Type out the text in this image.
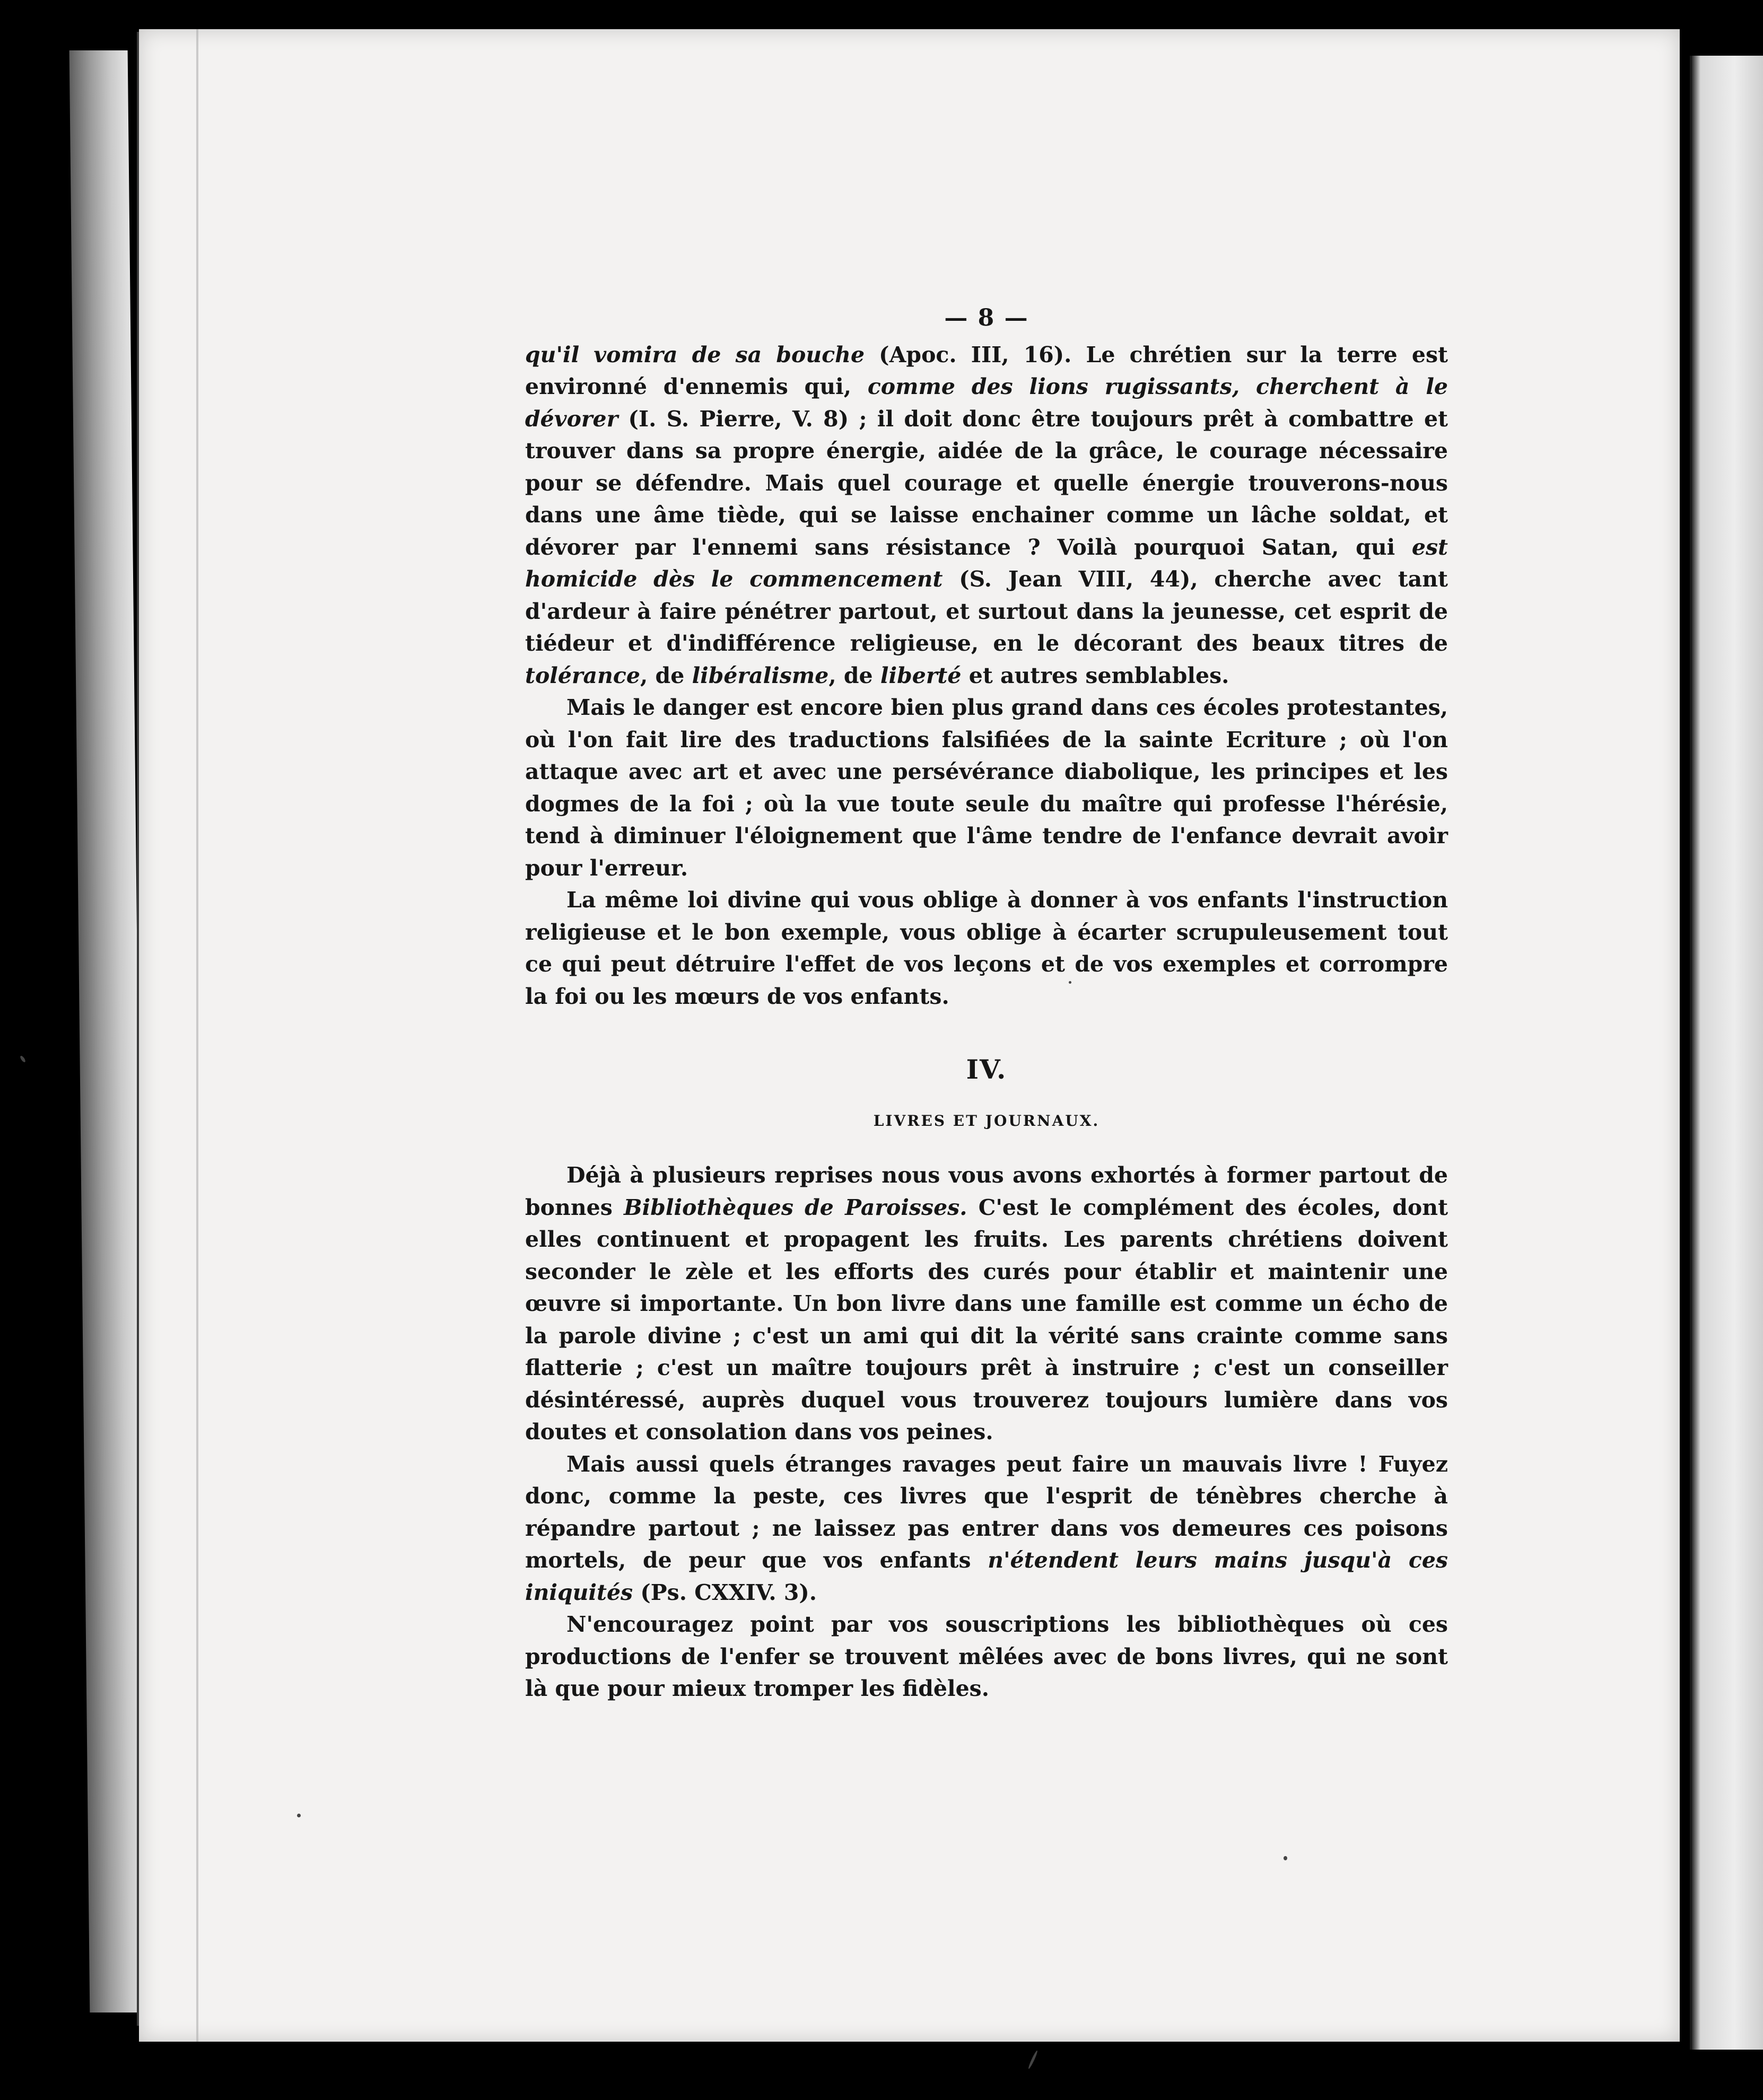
— 8 —

qu'il vomira de sa bouche (Apoc. III, 16). Le chrétien sur la terre est environné d'ennemis qui, comme des lions rugissants, cherchent à le dévorer (I. S. Pierre, V. 8) ; il doit donc être toujours prêt à combattre et trouver dans sa propre énergie, aidée de la grâce, le courage nécessaire pour se défendre. Mais quel courage et quelle énergie trouverons-nous dans une âme tiède, qui se laisse enchainer comme un lâche soldat, et dévorer par l'ennemi sans résistance ? Voilà pourquoi Satan, qui est homicide dès le commencement (S. Jean VIII, 44), cherche avec tant d'ardeur à faire pénétrer partout, et surtout dans la jeunesse, cet esprit de tiédeur et d'indifférence religieuse, en le décorant des beaux titres de tolérance, de libéralisme, de liberté et autres semblables.

Mais le danger est encore bien plus grand dans ces écoles protestantes, où l'on fait lire des traductions falsifiées de la sainte Ecriture ; où l'on attaque avec art et avec une persévérance diabolique, les principes et les dogmes de la foi ; où la vue toute seule du maître qui professe l'hérésie, tend à diminuer l'éloignement que l'âme tendre de l'enfance devrait avoir pour l'erreur.

La même loi divine qui vous oblige à donner à vos enfants l'instruction religieuse et le bon exemple, vous oblige à écarter scrupuleusement tout ce qui peut détruire l'effet de vos leçons et de vos exemples et corrompre la foi ou les mœurs de vos enfants.

IV.
LIVRES ET JOURNAUX.

Déjà à plusieurs reprises nous vous avons exhortés à former partout de bonnes Bibliothèques de Paroisses. C'est le complément des écoles, dont elles continuent et propagent les fruits. Les parents chrétiens doivent seconder le zèle et les efforts des curés pour établir et maintenir une œuvre si importante. Un bon livre dans une famille est comme un écho de la parole divine ; c'est un ami qui dit la vérité sans crainte comme sans flatterie ; c'est un maître toujours prêt à instruire ; c'est un conseiller désintéressé, auprès duquel vous trouverez toujours lumière dans vos doutes et consolation dans vos peines.

Mais aussi quels étranges ravages peut faire un mauvais livre ! Fuyez donc, comme la peste, ces livres que l'esprit de ténèbres cherche à répandre partout ; ne laissez pas entrer dans vos demeures ces poisons mortels, de peur que vos enfants n'étendent leurs mains jusqu'à ces iniquités (Ps. CXXIV. 3).

N'encouragez point par vos souscriptions les bibliothèques où ces productions de l'enfer se trouvent mêlées avec de bons livres, qui ne sont là que pour mieux tromper les fidèles.
